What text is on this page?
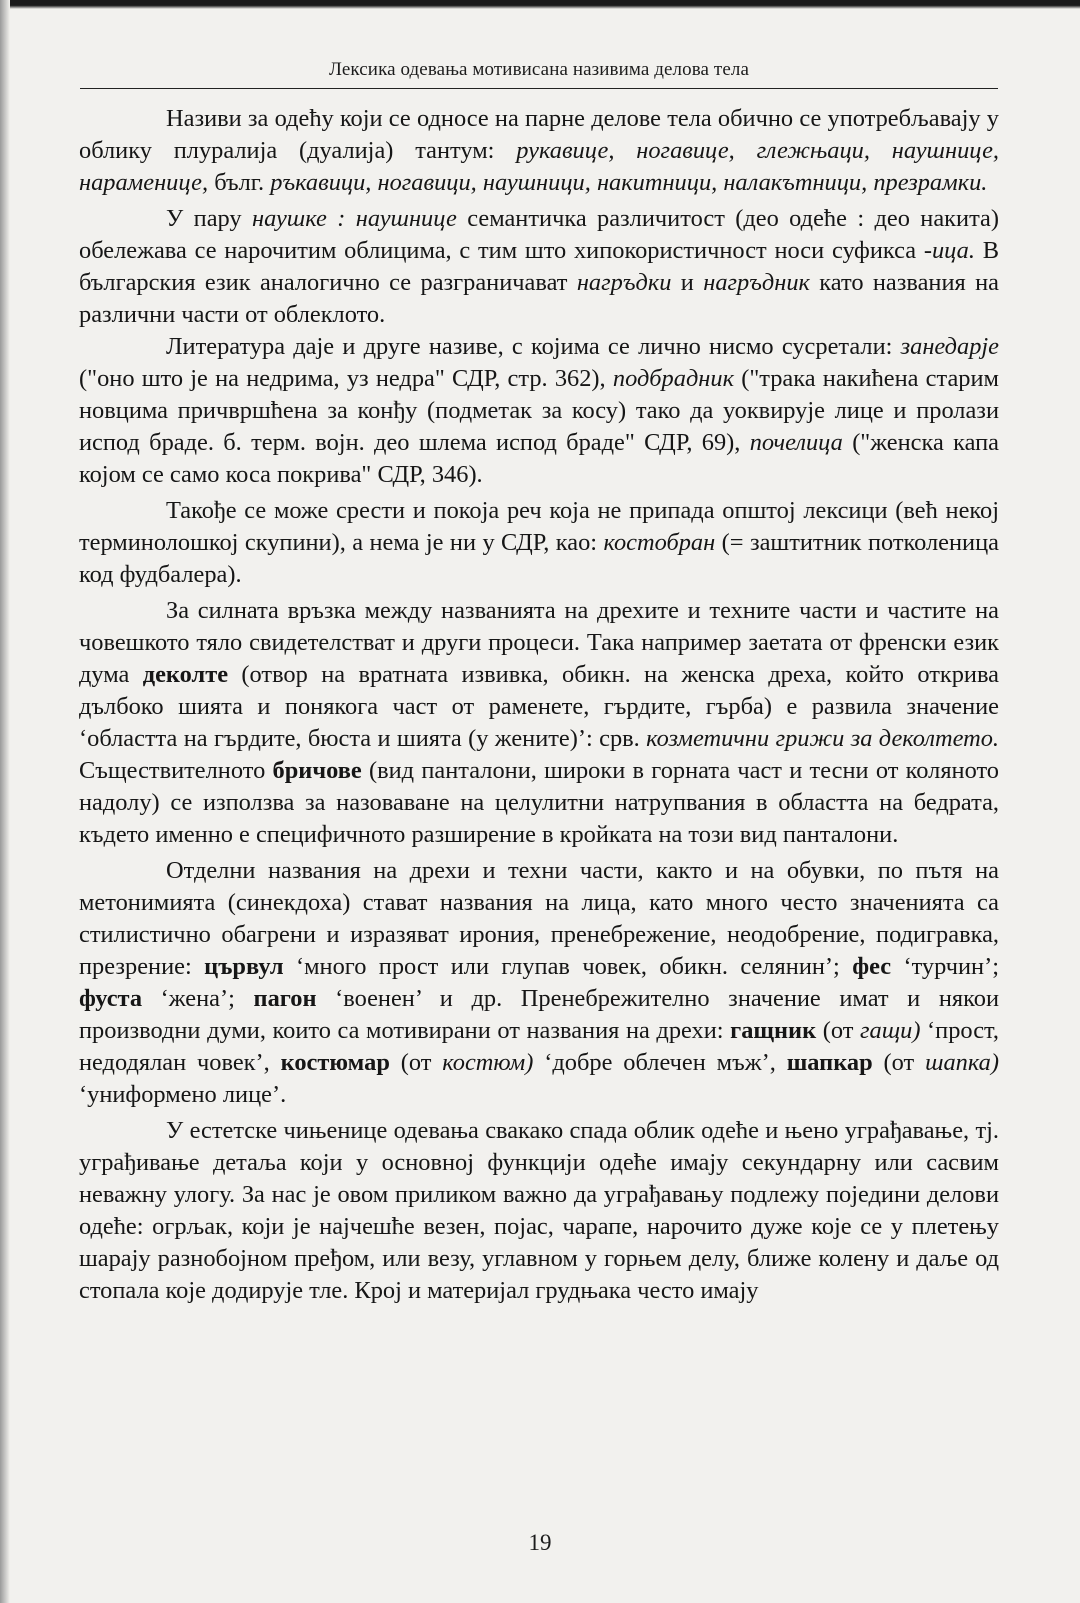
Лексика одевања мотивисана називима делова тела

Називи за одећу који се односе на парне делове тела обично се употребљавају у облику плуралија (дуалија) тантум: рукавице, ногавице, глежњаци, наушнице, нараменице, бълг. ръкавици, ногавици, наушници, накитници, налакътници, презрамки.

У пару наушке : наушнице семантичка различитост (део одеће : део накита) обележава се нарочитим облицима, с тим што хипокористичност носи суфикса -ица. В българския език аналогично се разграничават нагръдки и нагръдник като названия на различни части от облеклото.

Литература даје и друге називе, с којима се лично нисмо сусретали: занедарје ("оно што је на недрима, уз недра" СДР, стр. 362), подбрадник ("трака накићена старим новцима причвршћена за конђу (подметак за косу) тако да уоквирује лице и пролази испод браде. б. терм. војн. део шлема испод браде" СДР, 69), почелица ("женска капа којом се само коса покрива" СДР, 346).

Такође се може срести и покоја реч која не припада општој лексици (већ некој терминолошкој скупини), а нема је ни у СДР, као: костобран (= заштитник потколеница код фудбалера).

За силната връзка между названията на дрехите и техните части и частите на човешкото тяло свидетелстват и други процеси. Така например заетата от френски език дума деколте (отвор на вратната извивка, обикн. на женска дреха, който открива дълбоко шията и понякога част от раменете, гърдите, гърба) е развила значение ‘областта на гърдите, бюста и шията (у жените)’: срв. козметични грижи за деколтето. Съществителното бричове (вид панталони, широки в горната част и тесни от коляното надолу) се използва за назоваване на целулитни натрупвания в областта на бедрата, където именно е специфичното разширение в кройката на този вид панталони.

Отделни названия на дрехи и техни части, както и на обувки, по пътя на метонимията (синекдоха) стават названия на лица, като много често значенията са стилистично обагрени и изразяват ирония, пренебрежение, неодобрение, подигравка, презрение: цървул ‘много прост или глупав човек, обикн. селянин’; фес ‘турчин’; фуста ‘жена’; пагон ‘военен’ и др. Пренебрежително значение имат и някои производни думи, които са мотивирани от названия на дрехи: гащник (от гащи) ‘прост, недодялан човек’, костюмар (от костюм) ‘добре облечен мъж’, шапкар (от шапка) ‘униформено лице’.

У естетске чињенице одевања свакако спада облик одеће и њено уграђавање, тј. уграђивање детаља који у основној функцији одеће имају секундарну или сасвим неважну улогу. За нас је овом приликом важно да уграђавању подлежу поједини делови одеће: огрљак, који је најчешће везен, појас, чарапе, нарочито дуже које се у плетењу шарају разнобојном пређом, или везу, углавном у горњем делу, ближе колену и даље од стопала које додирује тле. Крој и материјал грудњака често имају

19
